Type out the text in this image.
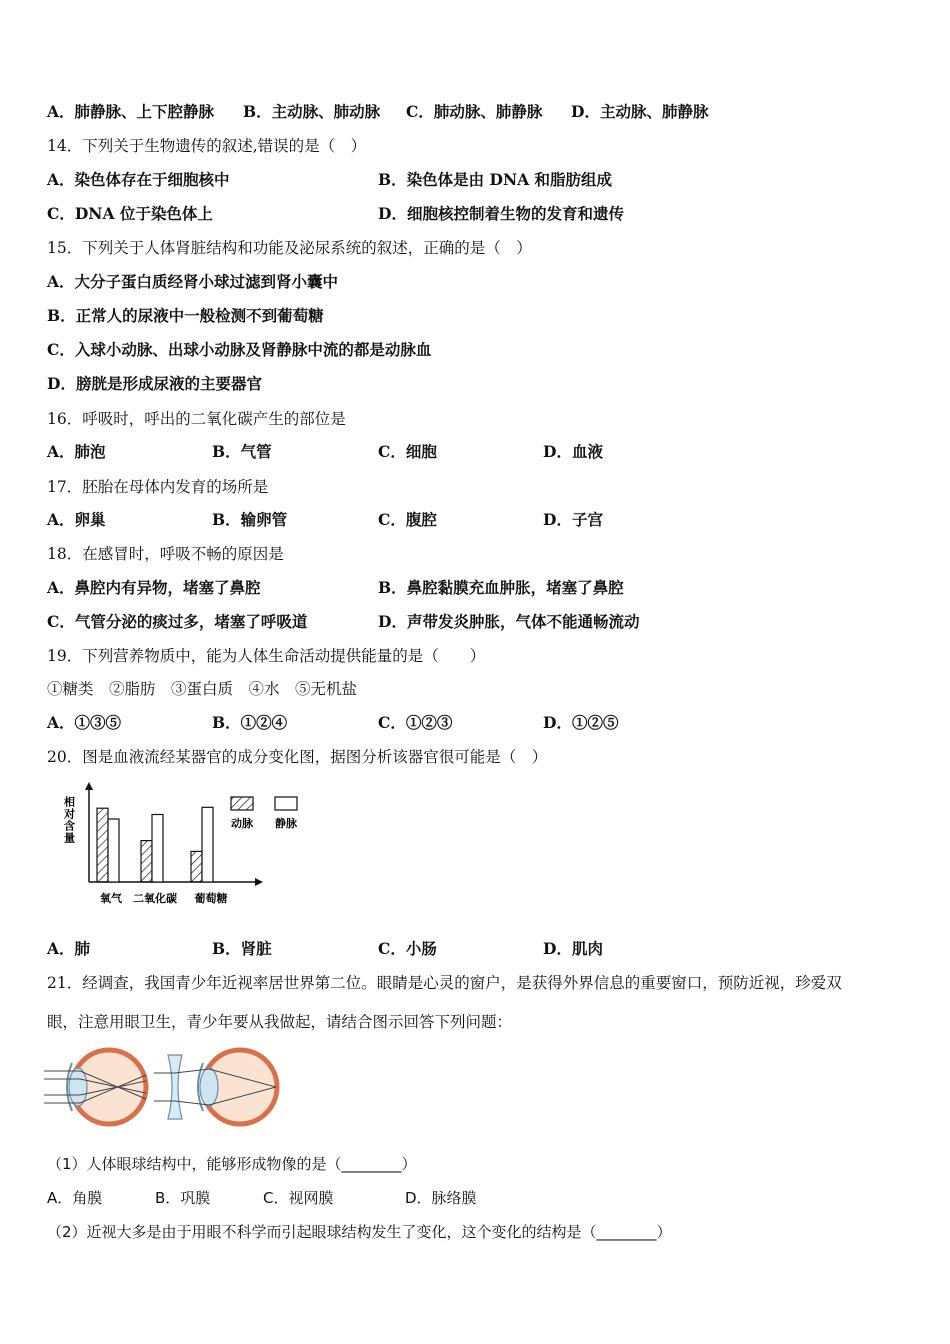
A．肺静脉、上下腔静脉 B．主动脉、肺动脉 C．肺动脉、肺静脉 D．主动脉、肺静脉
14．下列关于生物遗传的叙述,错误的是（　）
A．染色体存在于细胞核中	B．染色体是由 DNA 和脂肪组成
C．DNA 位于染色体上	D．细胞核控制着生物的发育和遗传
15．下列关于人体肾脏结构和功能及泌尿系统的叙述，正确的是（　）
A．大分子蛋白质经肾小球过滤到肾小囊中
B．正常人的尿液中一般检测不到葡萄糖
C．入球小动脉、出球小动脉及肾静脉中流的都是动脉血
D．膀胱是形成尿液的主要器官
16．呼吸时，呼出的二氧化碳产生的部位是
A．肺泡	B．气管	C．细胞	D．血液
17．胚胎在母体内发育的场所是
A．卵巢	B．输卵管	C．腹腔	D．子宫
18．在感冒时，呼吸不畅的原因是
A．鼻腔内有异物，堵塞了鼻腔	B．鼻腔黏膜充血肿胀，堵塞了鼻腔
C．气管分泌的痰过多，堵塞了呼吸道	D．声带发炎肿胀，气体不能通畅流动
19．下列营养物质中，能为人体生命活动提供能量的是（　　）
①糖类　②脂肪　③蛋白质　④水　⑤无机盐
A．①③⑤	B．①②④	C．①②③	D．①②⑤
20．图是血液流经某器官的成分变化图，据图分析该器官很可能是（　）
相对含量
氧气 二氧化碳 葡萄糖
动脉 静脉
A．肺	B．肾脏	C．小肠	D．肌肉
21．经调查，我国青少年近视率居世界第二位。眼睛是心灵的窗户，是获得外界信息的重要窗口，预防近视，珍爱双
眼，注意用眼卫生，青少年要从我做起，请结合图示回答下列问题：
（1）人体眼球结构中，能够形成物像的是（________）
A．角膜	B．巩膜	C．视网膜	D．脉络膜
（2）近视大多是由于用眼不科学而引起眼球结构发生了变化，这个变化的结构是（________）
